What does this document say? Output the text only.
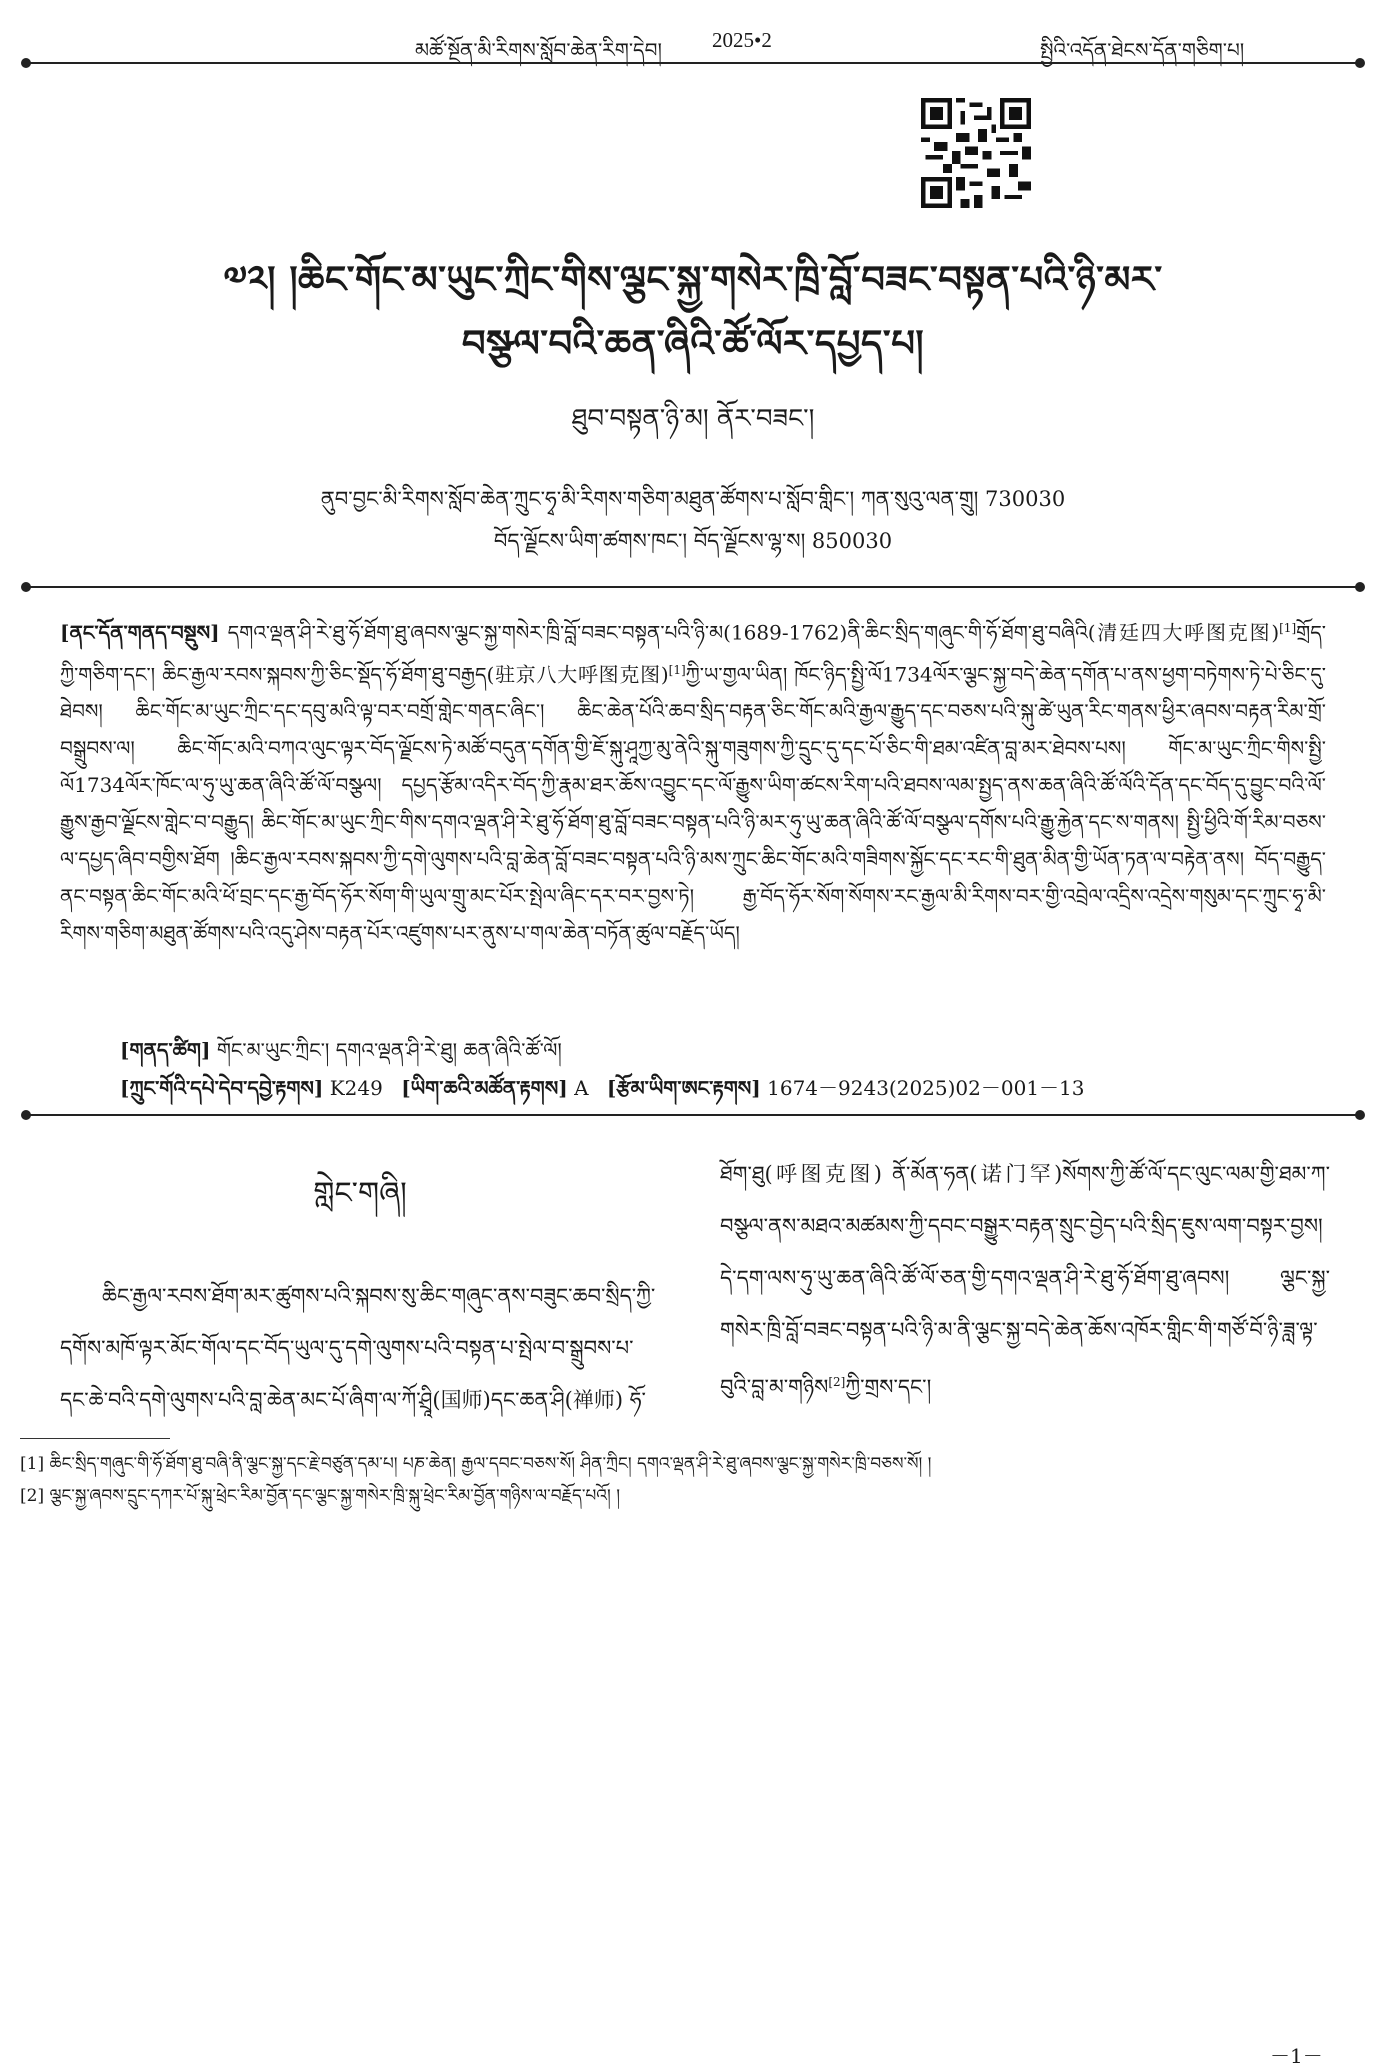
མཚོ་སྔོན་མི་རིགས་སློབ་ཆེན་རིག་དེབ། 2025•2	སྤྱིའི་འདོན་ཐེངས་དོན་གཅིག་པ།
༧༢། །ཆིང་གོང་མ་ཡུང་ཀྲིང་གིས་ལྕང་སྐྱ་གསེར་ཁྲི་བློ་བཟང་བསྟན་པའི་ཉི་མར་
བསྩལ་བའི་ཆན་ཞིའི་ཚོ་ལོར་དཔྱད་པ།
ཐུབ་བསྟན་ཉི་མ། ནོར་བཟང་།
ནུབ་བྱང་མི་རིགས་སློབ་ཆེན་ཀྲུང་ཧྭ་མི་རིགས་གཅིག་མཐུན་ཚོགས་པ་སློབ་གླིང་། ཀན་སུའུ་ལན་གྲུ། 730030
བོད་ལྗོངས་ཡིག་ཚགས་ཁང་། བོད་ལྗོངས་ལྷ་ས། 850030
[ནང་དོན་གནད་བསྡུས] དགའ་ལྡན་ཤི་རེ་ཐུ་ཧོ་ཐོག་ཐུ་ཞབས་ལྕང་སྐྱ་གསེར་ཁྲི་བློ་བཟང་བསྟན་པའི་ཉི་མ(1689-1762)ནི་ཆིང་སྲིད་གཞུང་གི་ཧོ་ཐོག་ཐུ་བཞིའི(清廷四大呼图克图)[1]གྲོད་ཀྱི་གཅིག་དང་། ཆིང་རྒྱལ་རབས་སྐབས་ཀྱི་ཅིང་སྡོད་ཧོ་ཐོག་ཐུ་བརྒྱད(驻京八大呼图克图)[1]ཀྱི་ཡ་གྱལ་ཡིན། ཁོང་ཉིད་སྤྱི་ལོ1734ལོར་ལྕང་སྐྱ་བདེ་ཆེན་དགོན་པ་ནས་ཕྱག་བཏེགས་ཏེ་པེ་ཅིང་དུ་ཐེབས། ཆིང་གོང་མ་ཡུང་ཀྲིང་དང་དབུ་མའི་ལྟ་བར་བགྲོ་གླེང་གནང་ཞིང་། ཆིང་ཆེན་པོའི་ཆབ་སྲིད་བརྟན་ཅིང་གོང་མའི་རྒྱལ་རྒྱུད་དང་བཅས་པའི་སྐུ་ཚེ་ཡུན་རིང་གནས་ཕྱིར་ཞབས་བརྟན་རིམ་གྲོ་བསྒྲུབས་ལ། ཆིང་གོང་མའི་བཀའ་ལུང་ལྟར་བོད་ལྗོངས་ཏེ་མཚོ་བདུན་དགོན་གྱི་ཇོ་སྐུ་ཤཱཀྱ་མུ་ནེའི་སྐུ་གཟུགས་ཀྱི་དྲུང་དུ་དང་པོ་ཅིང་གི་ཐམ་འཛིན་བླ་མར་ཐེབས་པས། གོང་མ་ཡུང་ཀྲིང་གིས་སྤྱི་ལོ1734ལོར་ཁོང་ལ་ཧུ་ཡུ་ཆན་ཞིའི་ཚོ་ལོ་བསྩལ། དཔྱད་རྩོམ་འདིར་བོད་ཀྱི་རྣམ་ཐར་ཆོས་འབྱུང་དང་ལོ་རྒྱུས་ཡིག་ཚངས་རིག་པའི་ཐབས་ལམ་སྤྱད་ནས་ཆན་ཞིའི་ཚོ་ལོའི་དོན་དང་བོད་དུ་བྱུང་བའི་ལོ་རྒྱུས་རྒྱབ་ལྗོངས་གླེང་བ་བརྒྱུད། ཆིང་གོང་མ་ཡུང་ཀྲིང་གིས་དགའ་ལྡན་ཤི་རེ་ཐུ་ཧོ་ཐོག་ཐུ་བློ་བཟང་བསྟན་པའི་ཉི་མར་ཧུ་ཡུ་ཆན་ཞིའི་ཚོ་ལོ་བསྩལ་དགོས་པའི་རྒྱུ་རྐྱེན་དང་ས་གནས། སྤྱི་ཕྱིའི་གོ་རིམ་བཅས་ལ་དཔྱད་ཞིབ་བགྱིས་ཐོག །ཆིང་རྒྱལ་རབས་སྐབས་ཀྱི་དགེ་ལུགས་པའི་བླ་ཆེན་བློ་བཟང་བསྟན་པའི་ཉི་མས་ཀྲུང་ཆིང་གོང་མའི་གཟིགས་སྐྱོང་དང་རང་གི་ཐུན་མིན་གྱི་ཡོན་ཏན་ལ་བརྟེན་ནས། བོད་བརྒྱུད་ནང་བསྟན་ཆིང་གོང་མའི་ཕོ་བྲང་དང་རྒྱ་བོད་ཧོར་སོག་གི་ཡུལ་གྲུ་མང་པོར་སྤེལ་ཞིང་དར་བར་བྱས་ཏེ། རྒྱ་བོད་ཧོར་སོག་སོགས་རང་རྒྱལ་མི་རིགས་བར་གྱི་འབྲེལ་འདྲིས་འདྲེས་གསུམ་དང་ཀྲུང་ཧྭ་མི་རིགས་གཅིག་མཐུན་ཚོགས་པའི་འདུ་ཤེས་བརྟན་པོར་འཛུགས་པར་ནུས་པ་གལ་ཆེན་བཏོན་ཚུལ་བརྗོད་ཡོད།
[གནད་ཚིག] གོང་མ་ཡུང་ཀྲིང་། དགའ་ལྡན་ཤི་རེ་ཐུ། ཆན་ཞིའི་ཚོ་ལོ།
[ཀྲུང་གོའི་དཔེ་དེབ་དབྱེ་རྟགས] K249 [ཡིག་ཆའི་མཚོན་རྟགས] A [རྩོམ་ཡིག་ཨང་རྟགས] 1674－9243(2025)02－001－13
གླེང་གཞི།

ཆིང་རྒྱལ་རབས་ཐོག་མར་ཚུགས་པའི་སྐབས་སུ་ཆིང་གཞུང་ནས་བཟུང་ཆབ་སྲིད་ཀྱི་དགོས་མཁོ་ལྟར་མོང་གོལ་དང་བོད་ཡུལ་དུ་དགེ་ལུགས་པའི་བསྟན་པ་སྤེལ་བ་སྒྲུབས་པ་དང་ཆེ་བའི་དགེ་ལུགས་པའི་བླ་ཆེན་མང་པོ་ཞིག་ལ་ཀོ་ཤྲཱི(国师)དང་ཆན་ཤི(禅师) ཧོ་

ཐོག་ཐུ(呼图克图) ནོ་མོན་ཧན(诺门罕)སོགས་ཀྱི་ཚོ་ལོ་དང་ལུང་ལམ་གྱི་ཐམ་ཀ་བསྩལ་ནས་མཐའ་མཚམས་ཀྱི་དབང་བསྒྱུར་བརྟན་སྲུང་བྱེད་པའི་སྲིད་ཇུས་ལག་བསྟར་བྱས། དེ་དག་ལས་ཧུ་ཡུ་ཆན་ཞིའི་ཚོ་ལོ་ཅན་གྱི་དགའ་ལྡན་ཤི་རེ་ཐུ་ཧོ་ཐོག་ཐུ་ཞབས། ལྕང་སྐྱ་གསེར་ཁྲི་བློ་བཟང་བསྟན་པའི་ཉི་མ་ནི་ལྕང་སྐྱ་བདེ་ཆེན་ཆོས་འཁོར་གླིང་གི་གཙོ་བོ་ཉི་ཟླ་ལྟ་བུའི་བླ་མ་གཉིས[2]ཀྱི་གྲས་དང་།

[1] ཆིང་སྲིད་གཞུང་གི་ཧོ་ཐོག་ཐུ་བཞི་ནི་ལྕང་སྐྱ་དང་རྗེ་བཙུན་དམ་པ། པཎ་ཆེན། རྒྱལ་དབང་བཅས་སོ། ཤིན་ཀྲིང། དགའ་ལྡན་ཤི་རེ་ཐུ་ཞབས་ལྕང་སྐྱ་གསེར་ཁྲི་བཅས་སོ། །
[2] ལྕང་སྐྱ་ཞབས་དྲུང་དཀར་པོ་སྐུ་ཕྲེང་རིམ་བྱོན་དང་ལྕང་སྐྱ་གསེར་ཁྲི་སྐུ་ཕྲེང་རིམ་བྱོན་གཉིས་ལ་བརྗོད་པའོ། །
－1－
